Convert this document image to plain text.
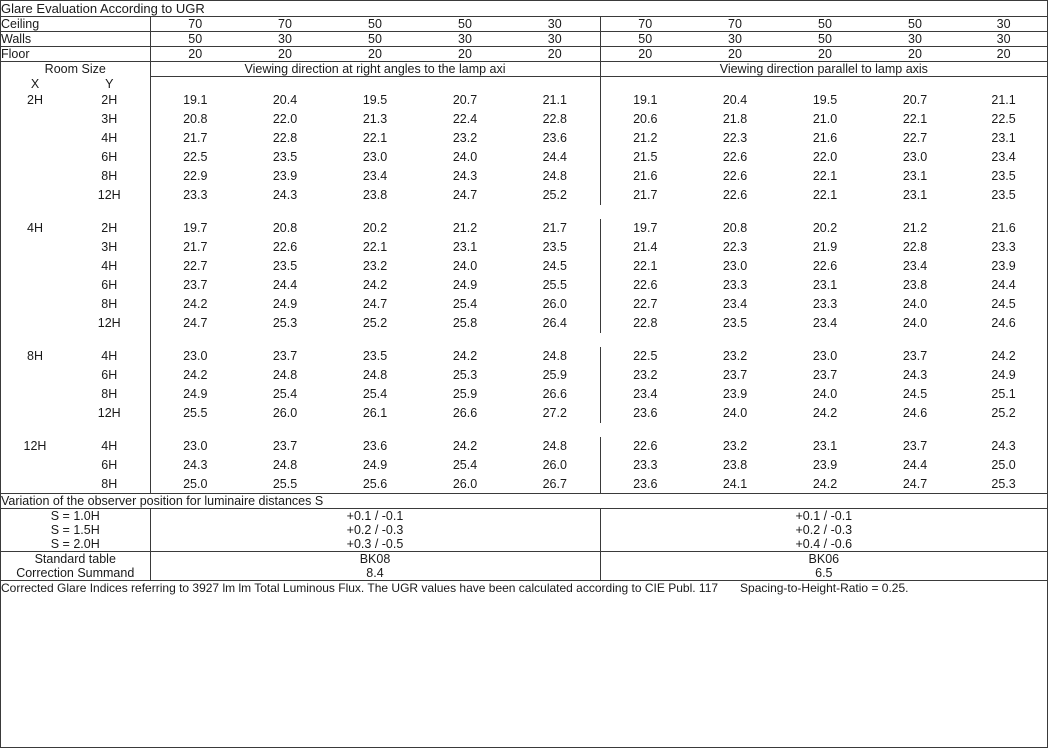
Glare Evaluation According to UGR											
Ceiling		70	70	50	50	30	70	70	50	50	30
Walls		50	30	50	30	30	50	30	50	30	30
Floor		20	20	20	20	20	20	20	20	20	20
Room Size		Viewing direction at right angles to the lamp axi					Viewing direction parallel to lamp axis				
X	Y										
2H	2H	19.1	20.4	19.5	20.7	21.1	19.1	20.4	19.5	20.7	21.1
	3H	20.8	22.0	21.3	22.4	22.8	20.6	21.8	21.0	22.1	22.5
	4H	21.7	22.8	22.1	23.2	23.6	21.2	22.3	21.6	22.7	23.1
	6H	22.5	23.5	23.0	24.0	24.4	21.5	22.6	22.0	23.0	23.4
	8H	22.9	23.9	23.4	24.3	24.8	21.6	22.6	22.1	23.1	23.5
	12H	23.3	24.3	23.8	24.7	25.2	21.7	22.6	22.1	23.1	23.5

4H	2H	19.7	20.8	20.2	21.2	21.7	19.7	20.8	20.2	21.2	21.6
	3H	21.7	22.6	22.1	23.1	23.5	21.4	22.3	21.9	22.8	23.3
	4H	22.7	23.5	23.2	24.0	24.5	22.1	23.0	22.6	23.4	23.9
	6H	23.7	24.4	24.2	24.9	25.5	22.6	23.3	23.1	23.8	24.4
	8H	24.2	24.9	24.7	25.4	26.0	22.7	23.4	23.3	24.0	24.5
	12H	24.7	25.3	25.2	25.8	26.4	22.8	23.5	23.4	24.0	24.6

8H	4H	23.0	23.7	23.5	24.2	24.8	22.5	23.2	23.0	23.7	24.2
	6H	24.2	24.8	24.8	25.3	25.9	23.2	23.7	23.7	24.3	24.9
	8H	24.9	25.4	25.4	25.9	26.6	23.4	23.9	24.0	24.5	25.1
	12H	25.5	26.0	26.1	26.6	27.2	23.6	24.0	24.2	24.6	25.2

12H	4H	23.0	23.7	23.6	24.2	24.8	22.6	23.2	23.1	23.7	24.3
	6H	24.3	24.8	24.9	25.4	26.0	23.3	23.8	23.9	24.4	25.0
	8H	25.0	25.5	25.6	26.0	26.7	23.6	24.1	24.2	24.7	25.3
Variation of the observer position for luminaire distances S											
S = 1.0H		+0.1 / -0.1					+0.1 / -0.1				
S = 1.5H		+0.2 / -0.3					+0.2 / -0.3				
S = 2.0H		+0.3 / -0.5					+0.4 / -0.6				
Standard table		BK08					BK06				
Correction Summand		8.4					6.5				
Corrected Glare Indices referring to 3927 lm lm Total Luminous Flux. The UGR values have been calculated according to CIE Publ. 117 Spacing-to-Height-Ratio = 0.25.											
